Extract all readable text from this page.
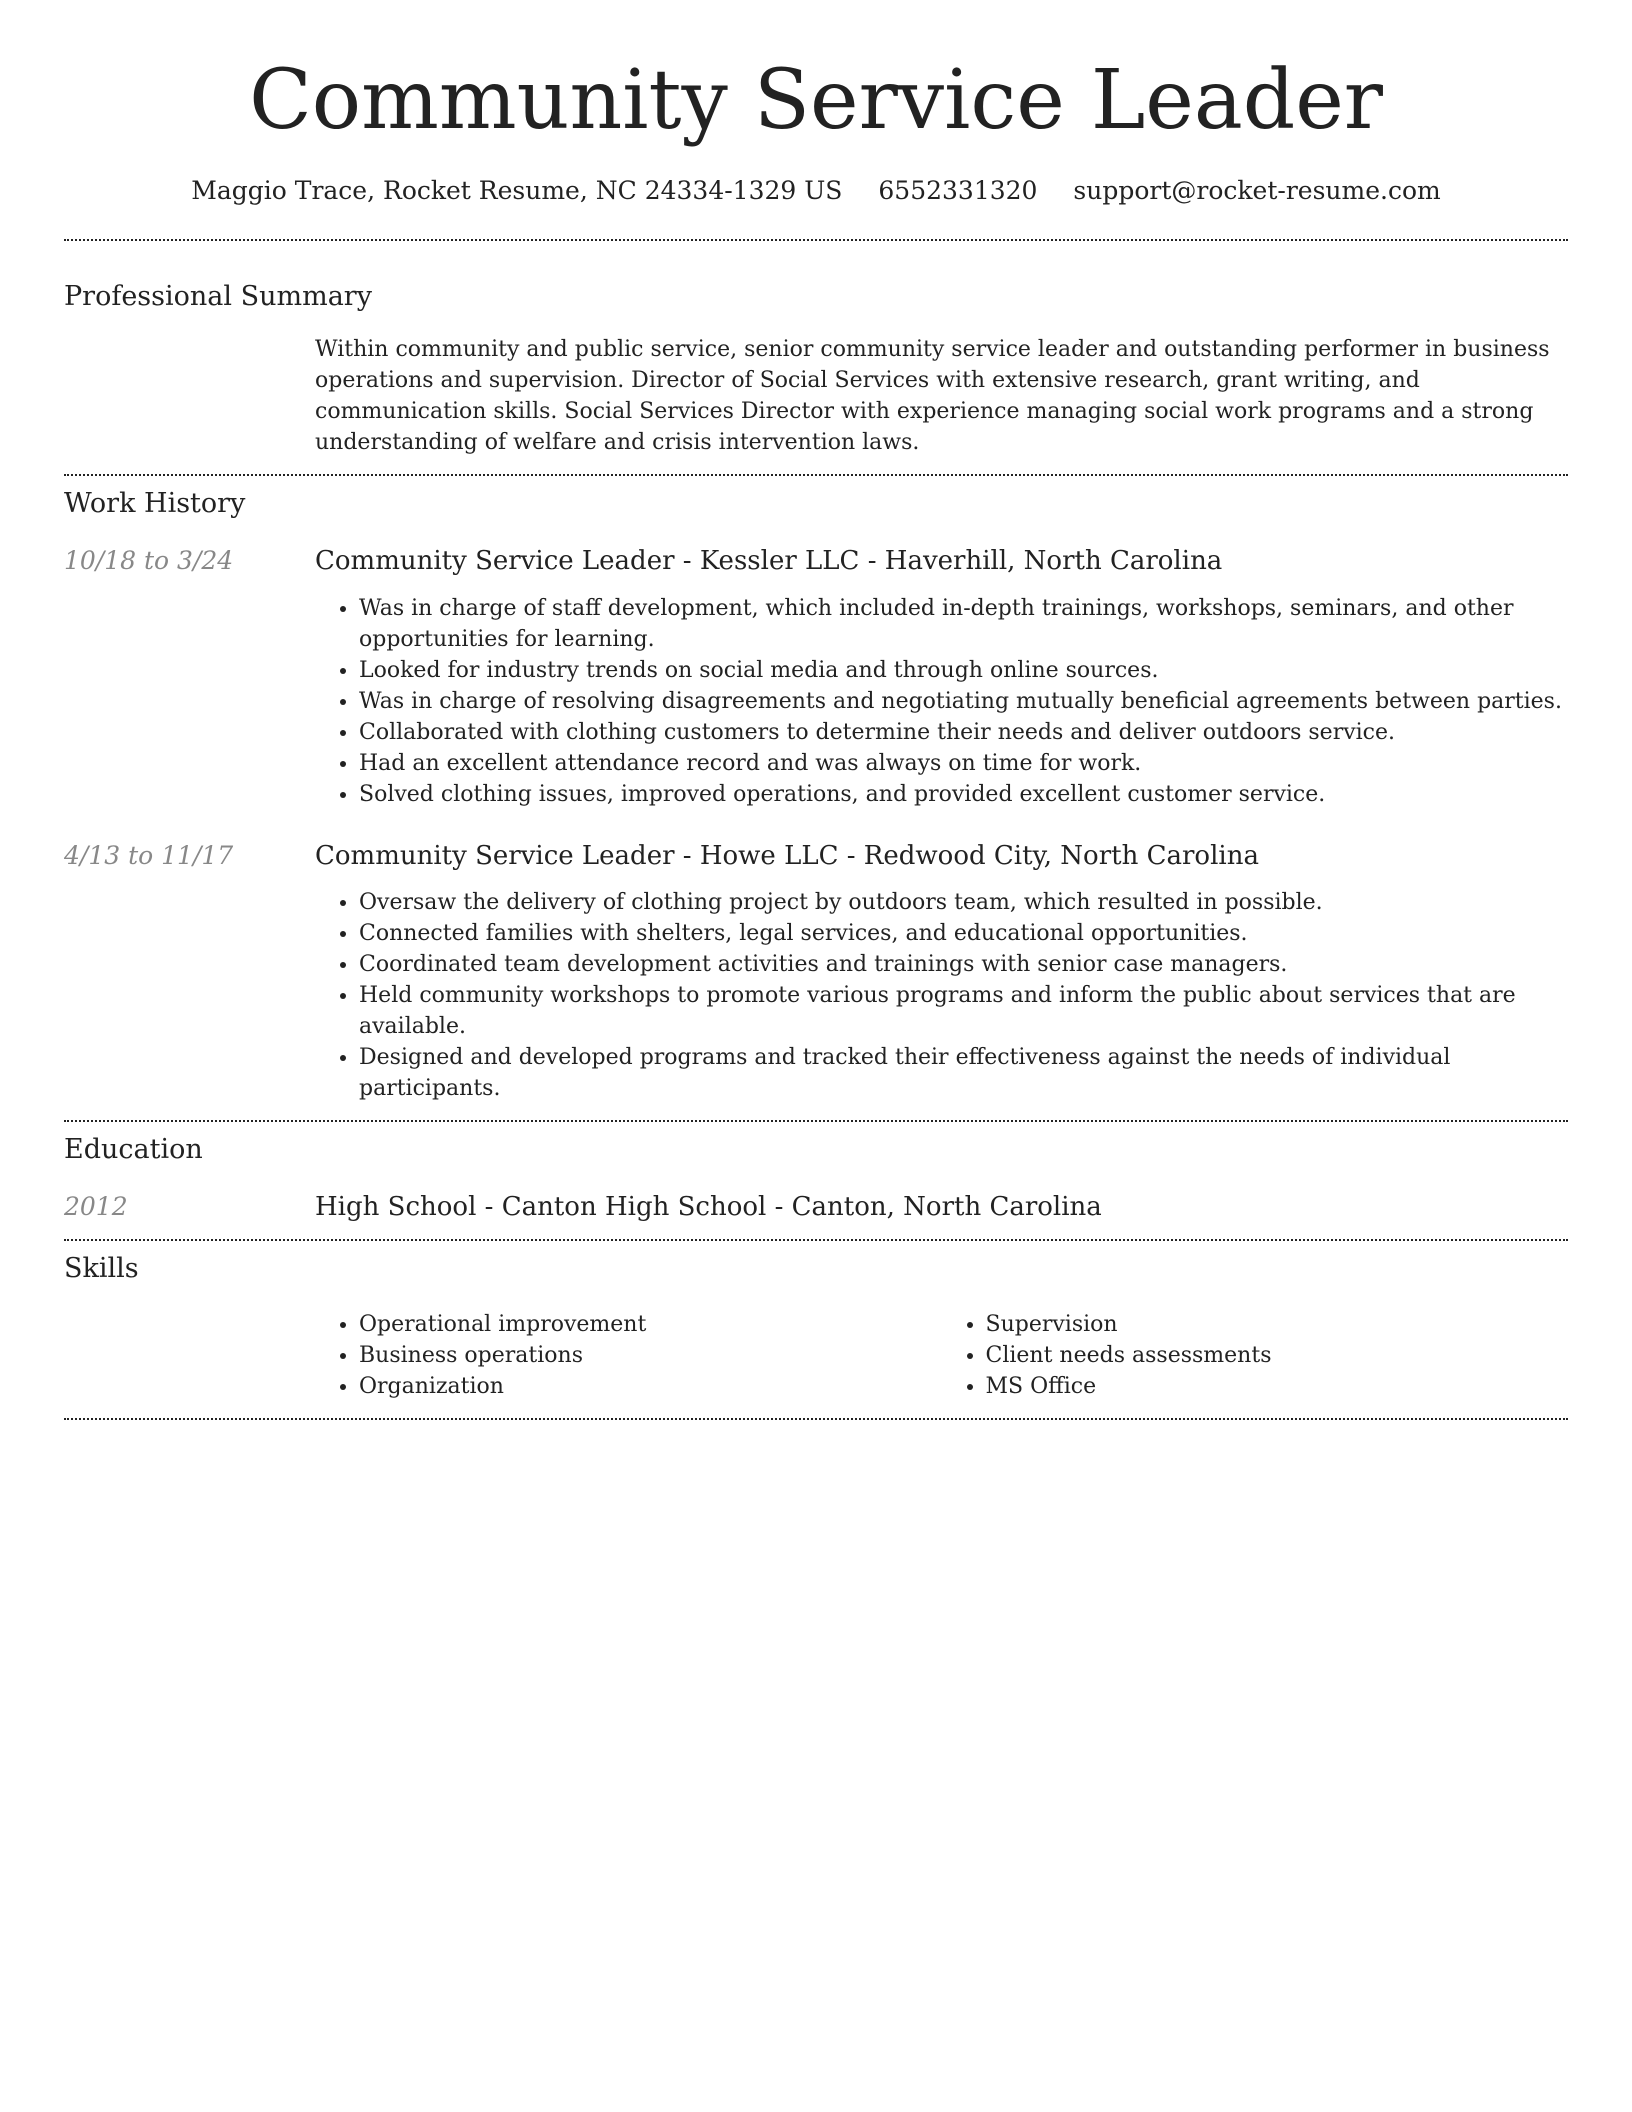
Community Service Leader
Maggio Trace, Rocket Resume, NC 24334-1329 US 6552331320 support@rocket-resume.com
Professional Summary

Within community and public service, senior community service leader and outstanding performer in business operations and supervision. Director of Social Services with extensive research, grant writing, and communication skills. Social Services Director with experience managing social work programs and a strong understanding of welfare and crisis intervention laws.

Work History
10/18 to 3/24	Community Service Leader - Kessler LLC - Haverhill, North Carolina

• Was in charge of staff development, which included in-depth trainings, workshops, seminars, and other opportunities for learning.
• Looked for industry trends on social media and through online sources.
• Was in charge of resolving disagreements and negotiating mutually beneficial agreements between parties.
• Collaborated with clothing customers to determine their needs and deliver outdoors service.
• Had an excellent attendance record and was always on time for work.
• Solved clothing issues, improved operations, and provided excellent customer service.
4/13 to 11/17	Community Service Leader - Howe LLC - Redwood City, North Carolina

• Oversaw the delivery of clothing project by outdoors team, which resulted in possible.
• Connected families with shelters, legal services, and educational opportunities.
• Coordinated team development activities and trainings with senior case managers.
• Held community workshops to promote various programs and inform the public about services that are available.
• Designed and developed programs and tracked their effectiveness against the needs of individual participants.
Education
2012	High School - Canton High School - Canton, North Carolina

Skills
• Operational improvement
• Business operations
• Organization
• Supervision
• Client needs assessments
• MS Office
